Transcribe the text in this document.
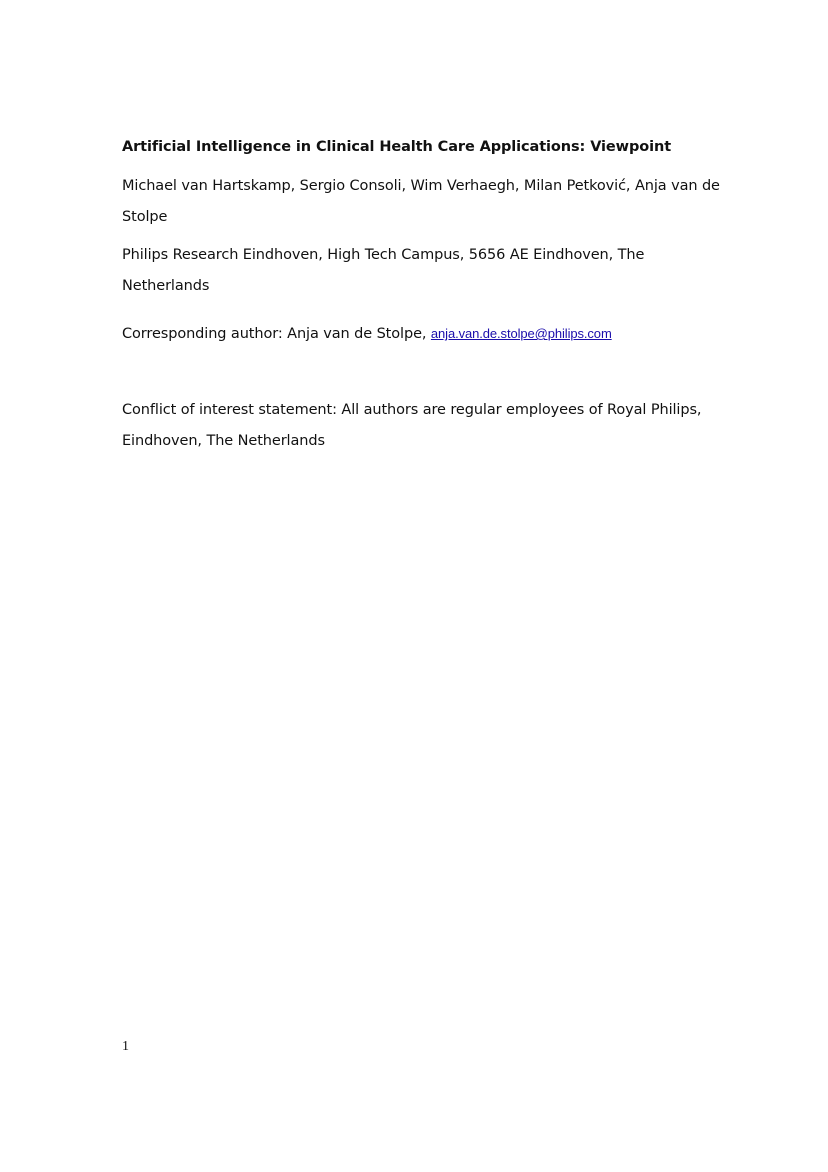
Artificial Intelligence in Clinical Health Care Applications: Viewpoint
Michael van Hartskamp, Sergio Consoli, Wim Verhaegh, Milan Petković, Anja van de Stolpe
Philips Research Eindhoven, High Tech Campus, 5656 AE Eindhoven, The Netherlands
Corresponding author: Anja van de Stolpe, anja.van.de.stolpe@philips.com
Conflict of interest statement: All authors are regular employees of Royal Philips, Eindhoven, The Netherlands
1
